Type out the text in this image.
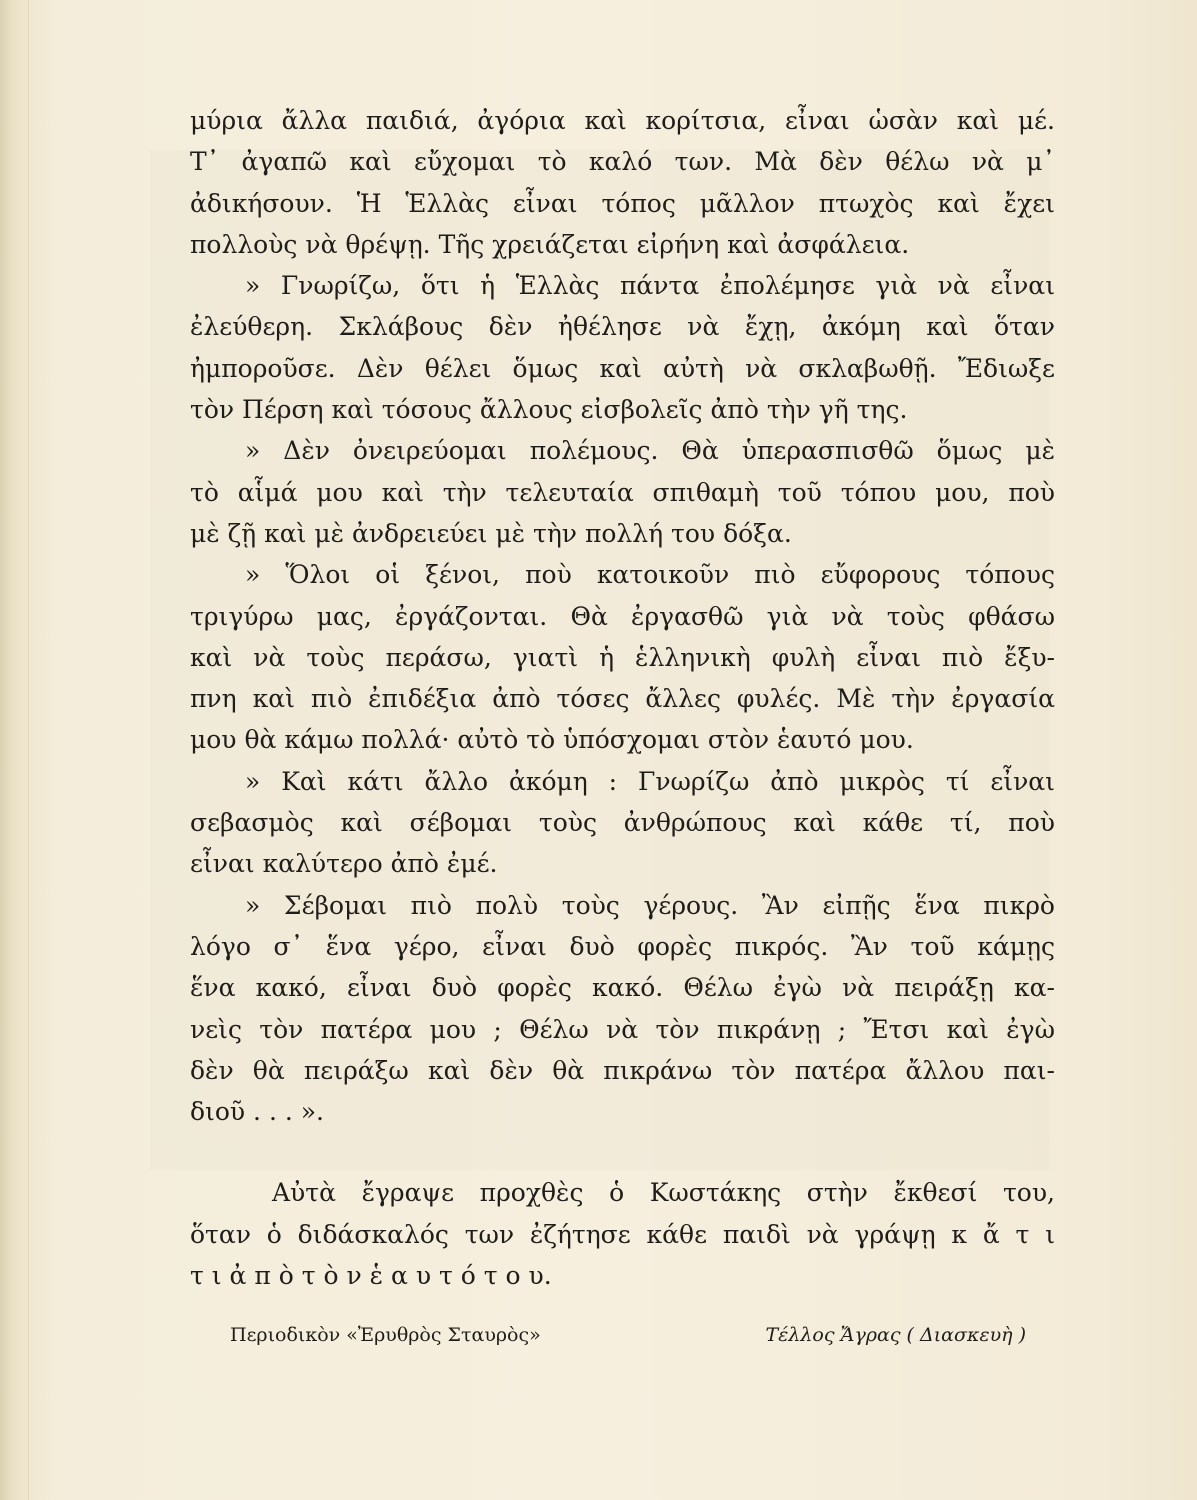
μύρια ἄλλα παιδιά, ἀγόρια καὶ κορίτσια, εἶναι ὡσὰν καὶ μέ.
Τ᾿ ἀγαπῶ καὶ εὔχομαι τὸ καλό των. Μὰ δὲν θέλω νὰ μ᾿
ἀδικήσουν. Ἡ Ἑλλὰς εἶναι τόπος μᾶλλον πτωχὸς καὶ ἔχει
πολλοὺς νὰ θρέψῃ. Τῆς χρειάζεται εἰρήνη καὶ ἀσφάλεια.
» Γνωρίζω, ὅτι ἡ Ἑλλὰς πάντα ἐπολέμησε γιὰ νὰ εἶναι
ἐλεύθερη. Σκλάβους δὲν ἠθέλησε νὰ ἔχῃ, ἀκόμη καὶ ὅταν
ἠμποροῦσε. Δὲν θέλει ὅμως καὶ αὐτὴ νὰ σκλαβωθῇ. Ἔδιωξε
τὸν Πέρση καὶ τόσους ἄλλους εἰσβολεῖς ἀπὸ τὴν γῆ της.
» Δὲν ὀνειρεύομαι πολέμους. Θὰ ὑπερασπισθῶ ὅμως μὲ
τὸ αἷμά μου καὶ τὴν τελευταία σπιθαμὴ τοῦ τόπου μου, ποὺ
μὲ ζῇ καὶ μὲ ἀνδρειεύει μὲ τὴν πολλή του δόξα.
» Ὅλοι οἱ ξένοι, ποὺ κατοικοῦν πιὸ εὔφορους τόπους
τριγύρω μας, ἐργάζονται. Θὰ ἐργασθῶ γιὰ νὰ τοὺς φθάσω
καὶ νὰ τοὺς περάσω, γιατὶ ἡ ἑλληνικὴ φυλὴ εἶναι πιὸ ἔξυ-
πνη καὶ πιὸ ἐπιδέξια ἀπὸ τόσες ἄλλες φυλές. Μὲ τὴν ἐργασία
μου θὰ κάμω πολλά· αὐτὸ τὸ ὑπόσχομαι στὸν ἑαυτό μου.
» Καὶ κάτι ἄλλο ἀκόμη : Γνωρίζω ἀπὸ μικρὸς τί εἶναι
σεβασμὸς καὶ σέβομαι τοὺς ἀνθρώπους καὶ κάθε τί, ποὺ
εἶναι καλύτερο ἀπὸ ἐμέ.
» Σέβομαι πιὸ πολὺ τοὺς γέρους. Ἂν εἰπῇς ἕνα πικρὸ
λόγο σ᾿ ἕνα γέρο, εἶναι δυὸ φορὲς πικρός. Ἂν τοῦ κάμῃς
ἕνα κακό, εἶναι δυὸ φορὲς κακό. Θέλω ἐγὼ νὰ πειράξῃ κα-
νεὶς τὸν πατέρα μου ; Θέλω νὰ τὸν πικράνῃ ; Ἔτσι καὶ ἐγὼ
δὲν θὰ πειράξω καὶ δὲν θὰ πικράνω τὸν πατέρα ἄλλου παι-
διοῦ . . . ».
Αὐτὰ ἔγραψε προχθὲς ὁ Κωστάκης στὴν ἔκθεσί του,
ὅταν ὁ διδάσκαλός των ἐζήτησε κάθε παιδὶ νὰ γράψῃ κ ἄ τ ι
τ ι ἀ π ὸ τ ὸ ν ἑ α υ τ ό τ ο υ.
Περιοδικὸν «Ἐρυθρὸς Σταυρὸς»	Τέλλος Ἄγρας ( Διασκευὴ )
